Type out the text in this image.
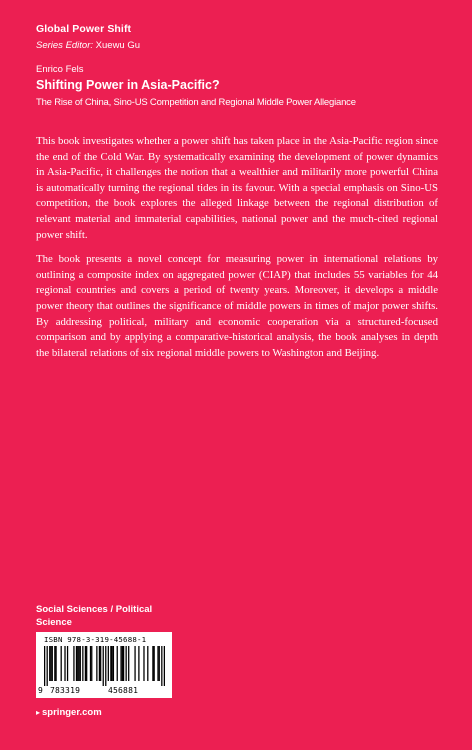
Global Power Shift
Series Editor: Xuewu Gu
Enrico Fels
Shifting Power in Asia-Pacific?
The Rise of China, Sino-US Competition and Regional Middle Power Allegiance

This book investigates whether a power shift has taken place in the Asia-Pacific region since the end of the Cold War. By systematically examining the development of power dynamics in Asia-Pacific, it challenges the notion that a wealthier and militarily more powerful China is automatically turning the regional tides in its favour. With a special emphasis on Sino-US competition, the book explores the alleged linkage between the regional distribution of relevant material and immaterial capabilities, national power and the much-cited regional power shift.

The book presents a novel concept for measuring power in international relations by outlining a composite index on aggregated power (CIAP) that includes 55 variables for 44 regional countries and covers a period of twenty years. Moreover, it develops a middle power theory that outlines the significance of middle powers in times of major power shifts. By addressing political, military and economic cooperation via a structured-focused comparison and by applying a comparative-historical analysis, the book analyses in depth the bilateral relations of six regional middle powers to Washington and Beijing.

Social Sciences / Political Science
ISBN 978-3-319-45688-1
9 783319	456881
▸ springer.com
